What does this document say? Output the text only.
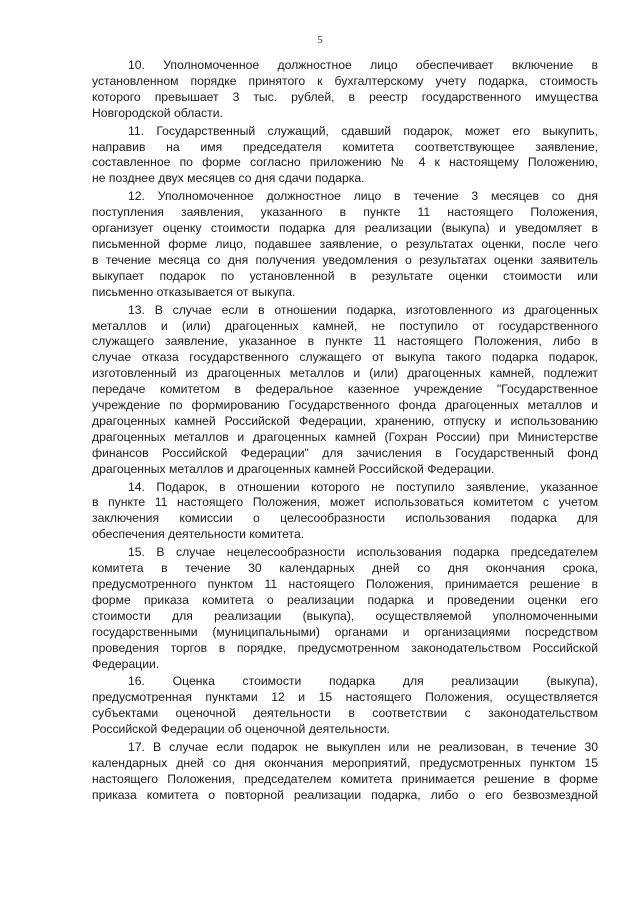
5

10. Уполномоченное должностное лицо обеспечивает включение в
установленном порядке принятого к бухгалтерскому учету подарка, стоимость
которого превышает 3 тыс. рублей, в реестр государственного имущества
Новгородской области.

11. Государственный служащий, сдавший подарок, может его выкупить,
направив на имя председателя комитета соответствующее заявление,
составленное по форме согласно приложению № 4 к настоящему Положению,
не позднее двух месяцев со дня сдачи подарка.

12. Уполномоченное должностное лицо в течение 3 месяцев со дня
поступления заявления, указанного в пункте 11 настоящего Положения,
организует оценку стоимости подарка для реализации (выкупа) и уведомляет в
письменной форме лицо, подавшее заявление, о результатах оценки, после чего
в течение месяца со дня получения уведомления о результатах оценки заявитель
выкупает подарок по установленной в результате оценки стоимости или
письменно отказывается от выкупа.

13. В случае если в отношении подарка, изготовленного из драгоценных
металлов и (или) драгоценных камней, не поступило от государственного
служащего заявление, указанное в пункте 11 настоящего Положения, либо в
случае отказа государственного служащего от выкупа такого подарка подарок,
изготовленный из драгоценных металлов и (или) драгоценных камней, подлежит
передаче комитетом в федеральное казенное учреждение "Государственное
учреждение по формированию Государственного фонда драгоценных металлов и
драгоценных камней Российской Федерации, хранению, отпуску и использованию
драгоценных металлов и драгоценных камней (Гохран России) при Министерстве
финансов Российской Федерации" для зачисления в Государственный фонд
драгоценных металлов и драгоценных камней Российской Федерации.

14. Подарок, в отношении которого не поступило заявление, указанное
в пункте 11 настоящего Положения, может использоваться комитетом с учетом
заключения комиссии о целесообразности использования подарка для
обеспечения деятельности комитета.

15. В случае нецелесообразности использования подарка председателем
комитета в течение 30 календарных дней со дня окончания срока,
предусмотренного пунктом 11 настоящего Положения, принимается решение в
форме приказа комитета о реализации подарка и проведении оценки его
стоимости для реализации (выкупа), осуществляемой уполномоченными
государственными (муниципальными) органами и организациями посредством
проведения торгов в порядке, предусмотренном законодательством Российской
Федерации.

16. Оценка стоимости подарка для реализации (выкупа),
предусмотренная пунктами 12 и 15 настоящего Положения, осуществляется
субъектами оценочной деятельности в соответствии с законодательством
Российской Федерации об оценочной деятельности.

17. В случае если подарок не выкуплен или не реализован, в течение 30
календарных дней со дня окончания мероприятий, предусмотренных пунктом 15
настоящего Положения, председателем комитета принимается решение в форме
приказа комитета о повторной реализации подарка, либо о его безвозмездной
